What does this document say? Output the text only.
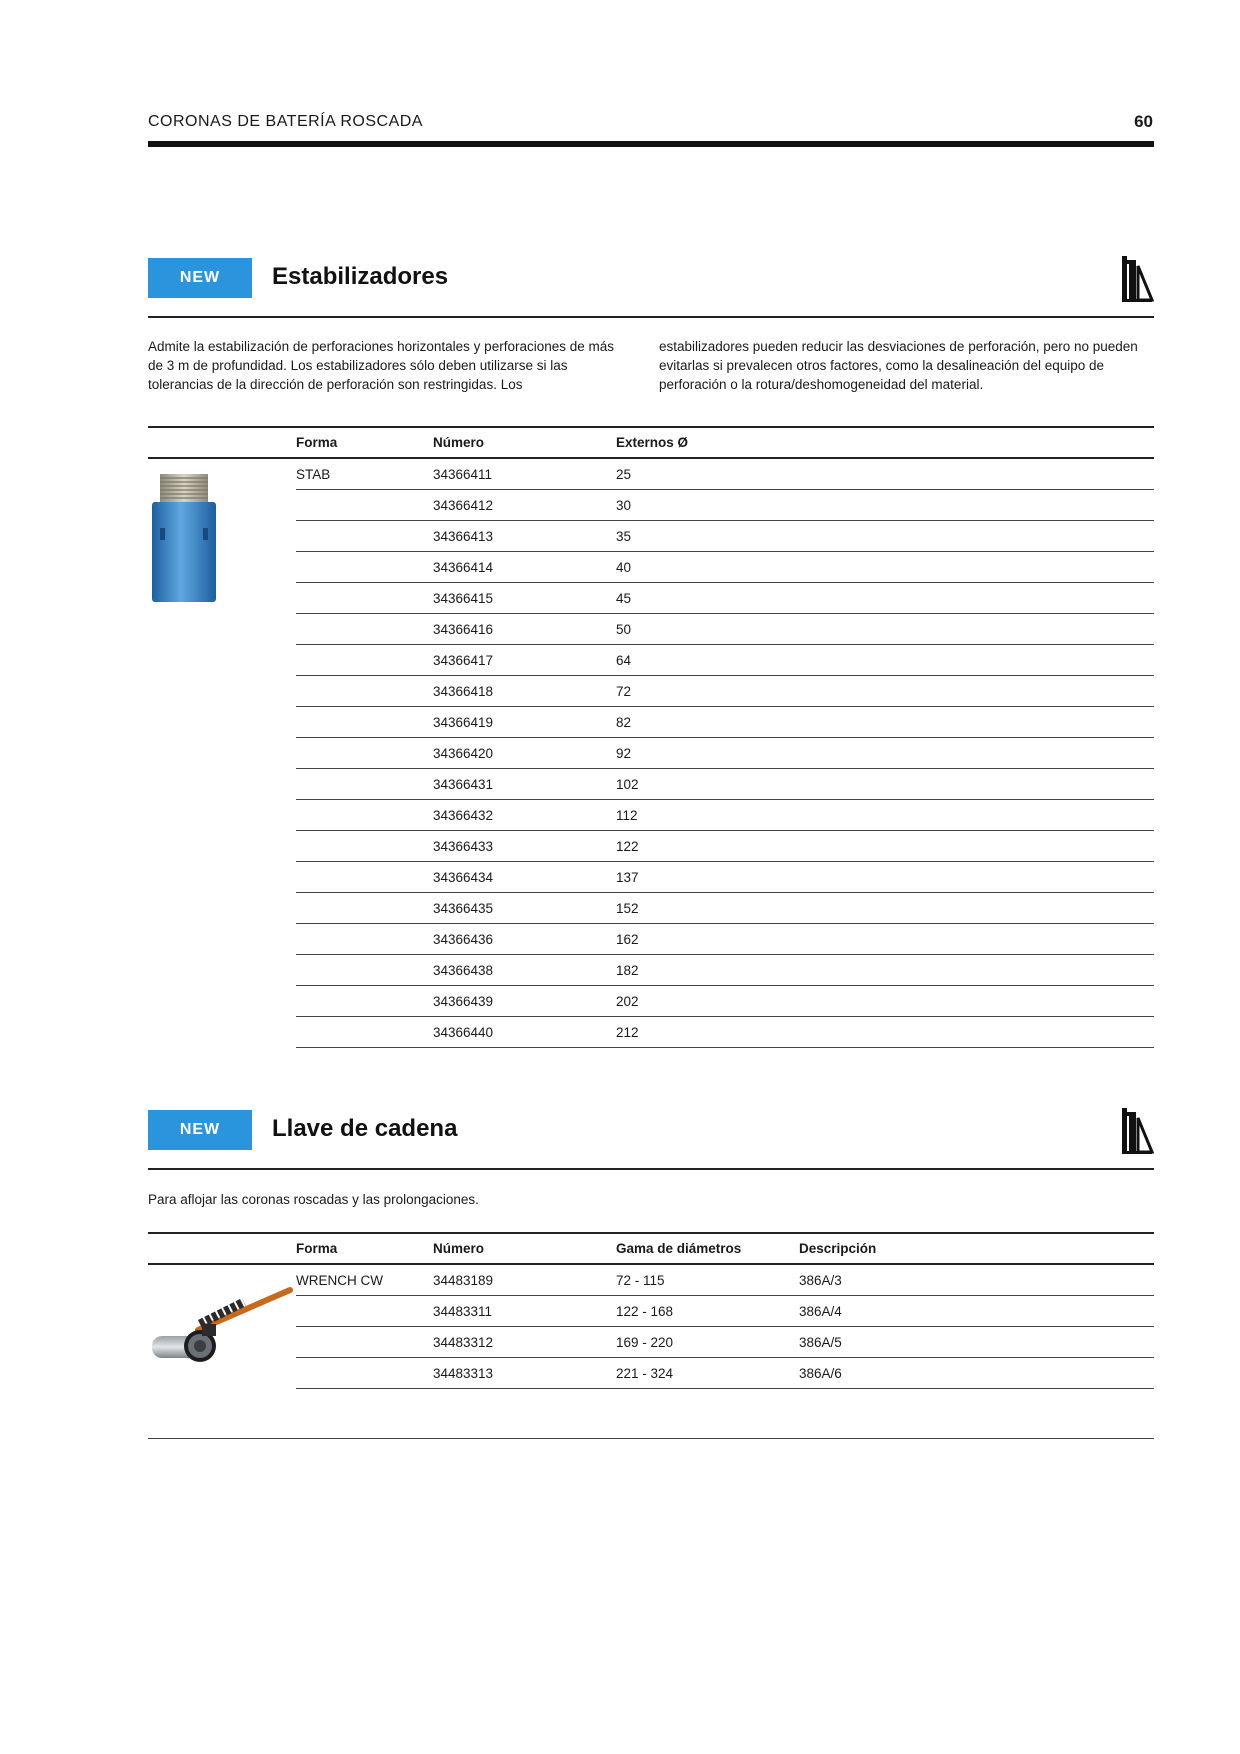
CORONAS DE BATERÍA ROSCADA	60
NEW	Estabilizadores
Admite la estabilización de perforaciones horizontales y perforaciones de más de 3 m de profundidad. Los estabilizadores sólo deben utilizarse si las tolerancias de la dirección de perforación son restringidas. Los
estabilizadores pueden reducir las desviaciones de perforación, pero no pueden evitarlas si prevalecen otros factores, como la desalineación del equipo de perforación o la rotura/deshomogeneidad del material.
	Forma	Número	Externos Ø
	STAB	34366411	25
		34366412	30
		34366413	35
		34366414	40
		34366415	45
		34366416	50
		34366417	64
		34366418	72
		34366419	82
		34366420	92
		34366431	102
		34366432	112
		34366433	122
		34366434	137
		34366435	152
		34366436	162
		34366438	182
		34366439	202
		34366440	212
NEW	Llave de cadena
Para aflojar las coronas roscadas y las prolongaciones.
	Forma	Número	Gama de diámetros	Descripción
	WRENCH CW	34483189	72 - 115	386A/3
		34483311	122 - 168	386A/4
		34483312	169 - 220	386A/5
		34483313	221 - 324	386A/6
